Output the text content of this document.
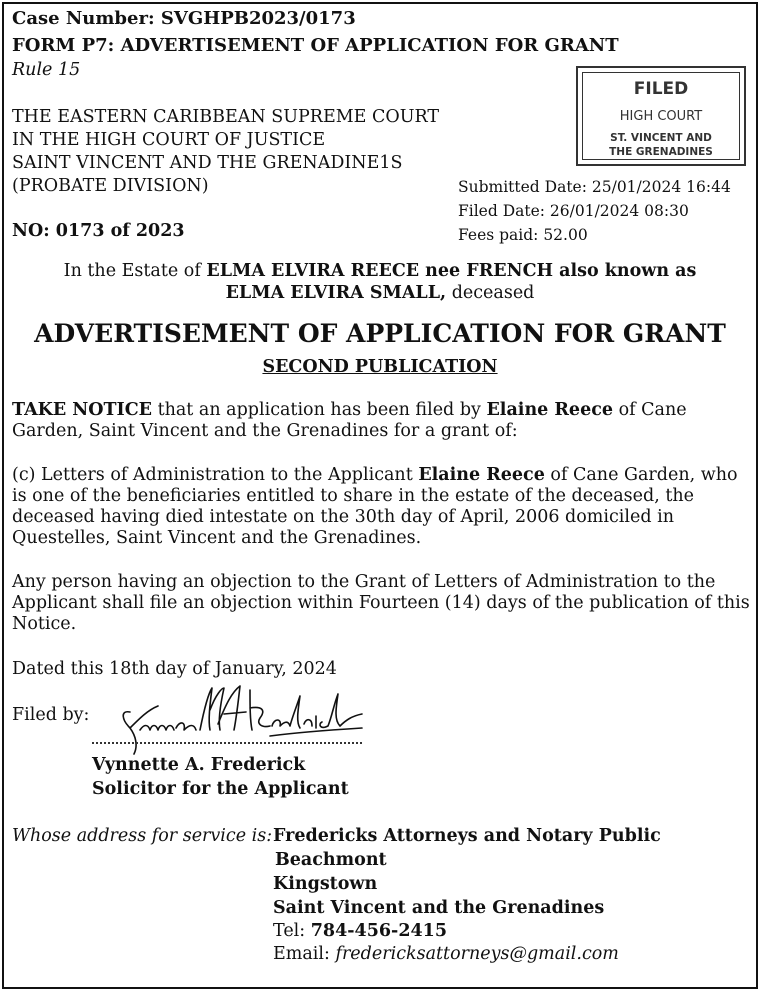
Case Number: SVGHPB2023/0173
FORM P7: ADVERTISEMENT OF APPLICATION FOR GRANT
Rule 15
THE EASTERN CARIBBEAN SUPREME COURT
IN THE HIGH COURT OF JUSTICE
SAINT VINCENT AND THE GRENADINE1S
(PROBATE DIVISION)
NO: 0173 of 2023
FILED
HIGH COURT
ST. VINCENT AND
THE GRENADINES
Submitted Date: 25/01/2024 16:44
Filed Date: 26/01/2024 08:30
Fees paid: 52.00
In the Estate of ELMA ELVIRA REECE nee FRENCH also known as
ELMA ELVIRA SMALL, deceased
ADVERTISEMENT OF APPLICATION FOR GRANT
SECOND PUBLICATION
TAKE NOTICE that an application has been filed by Elaine Reece of Cane
Garden, Saint Vincent and the Grenadines for a grant of:
(c) Letters of Administration to the Applicant Elaine Reece of Cane Garden, who
is one of the beneficiaries entitled to share in the estate of the deceased, the
deceased having died intestate on the 30th day of April, 2006 domiciled in
Questelles, Saint Vincent and the Grenadines.
Any person having an objection to the Grant of Letters of Administration to the
Applicant shall file an objection within Fourteen (14) days of the publication of this
Notice.
Dated this 18th day of January, 2024
Filed by:
Vynnette A. Frederick
Solicitor for the Applicant
Whose address for service is: Fredericks Attorneys and Notary Public
Beachmont
Kingstown
Saint Vincent and the Grenadines
Tel: 784-456-2415
Email: fredericksattorneys@gmail.com
